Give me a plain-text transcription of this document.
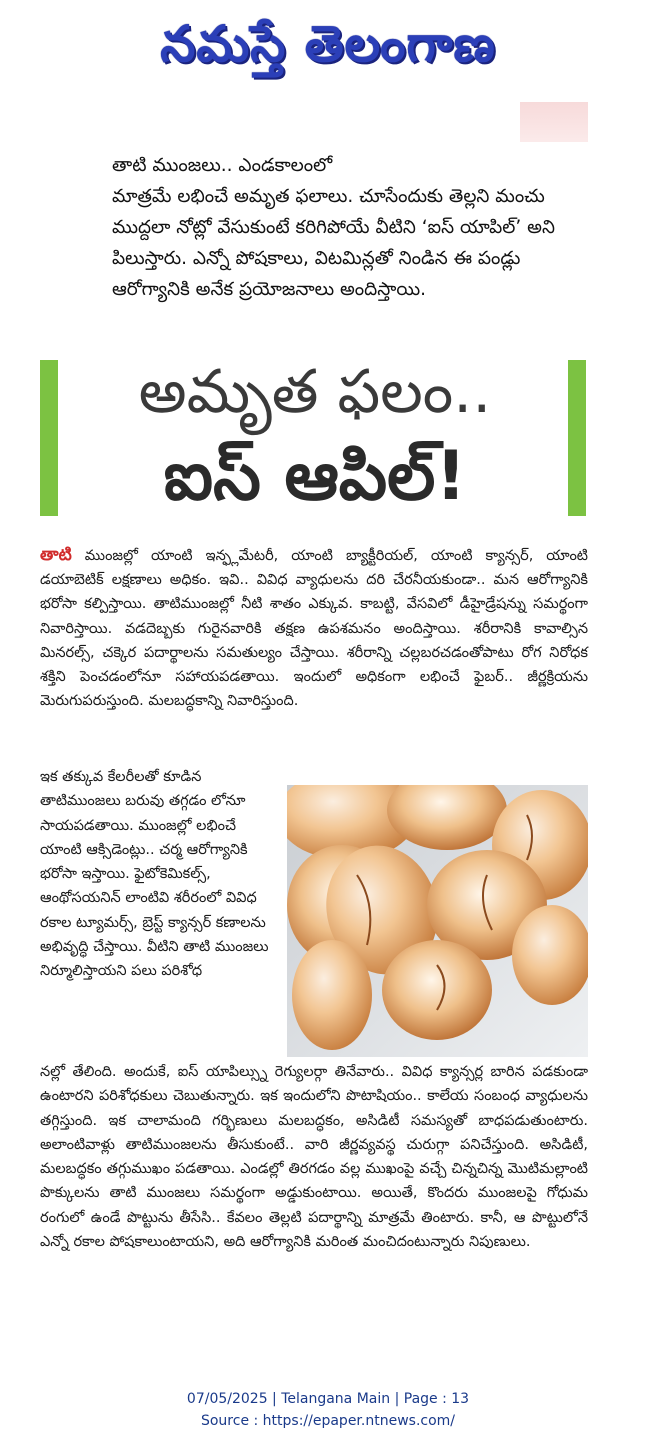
నమస్తే తెలంగాణ

తాటి ముంజలు.. ఎండకాలంలో

మాత్రమే లభించే అమృత ఫలాలు. చూసేందుకు తెల్లని మంచు ముద్దలా నోట్లో వేసుకుంటే కరిగిపోయే వీటిని ‘ఐస్ యాపిల్’ అని పిలుస్తారు. ఎన్నో పోషకాలు, విటమిన్లతో నిండిన ఈ పండ్లు ఆరోగ్యానికి అనేక ప్రయోజనాలు అందిస్తాయి.

అమృత ఫలం..
ఐస్ ఆపిల్!
తాటి ముంజల్లో యాంటి ఇన్ఫ్లమేటరీ, యాంటి బ్యాక్టీరియల్, యాంటి క్యాన్సర్, యాంటి డయాబెటిక్ లక్షణాలు అధికం. ఇవి.. వివిధ వ్యాధులను దరి చేరనీయకుండా.. మన ఆరోగ్యానికి భరోసా కల్పిస్తాయి. తాటిముంజల్లో నీటి శాతం ఎక్కువ. కాబట్టి, వేసవిలో డీహైడ్రేషన్ను సమర్థంగా నివారిస్తాయి. వడదెబ్బకు గురైనవారికి తక్షణ ఉపశమనం అందిస్తాయి. శరీరానికి కావాల్సిన మినరల్స్, చక్కెర పదార్థాలను సమతుల్యం చేస్తాయి. శరీరాన్ని చల్లబరచడంతోపాటు రోగ నిరోధక శక్తిని పెంచడంలోనూ సహాయపడతాయి. ఇందులో అధికంగా లభించే ఫైబర్.. జీర్ణక్రియను మెరుగుపరుస్తుంది. మలబద్ధకాన్ని నివారిస్తుంది.
ఇక తక్కువ కేలరీలతో కూడిన తాటిముంజలు బరువు తగ్గడం లోనూ సాయపడతాయి. ముంజల్లో లభించే యాంటి ఆక్సిడెంట్లు.. చర్మ ఆరోగ్యానికి భరోసా ఇస్తాయి. ఫైటోకెమికల్స్, ఆంథోసయనిన్ లాంటివి శరీరంలో వివిధ రకాల ట్యూమర్స్, బ్రెస్ట్ క్యాన్సర్ కణాలను అభివృద్ధి చేస్తాయి. వీటిని తాటి ముంజలు నిర్మూలిస్తాయని పలు పరిశోధ
నల్లో తేలింది. అందుకే, ఐస్ యాపిల్స్ను రెగ్యులర్గా తినేవారు.. వివిధ క్యాన్సర్ల బారిన పడకుండా ఉంటారని పరిశోధకులు చెబుతున్నారు. ఇక ఇందులోని పొటాషియం.. కాలేయ సంబంధ వ్యాధులను తగ్గిస్తుంది. ఇక చాలామంది గర్భిణులు మలబద్ధకం, అసిడిటీ సమస్యతో బాధపడుతుంటారు. అలాంటివాళ్లు తాటిముంజలను తీసుకుంటే.. వారి జీర్ణవ్యవస్థ చురుగ్గా పనిచేస్తుంది. అసిడిటీ, మలబద్ధకం తగ్గుముఖం పడతాయి. ఎండల్లో తిరగడం వల్ల ముఖంపై వచ్చే చిన్నచిన్న మొటిమల్లాంటి పొక్కులను తాటి ముంజలు సమర్థంగా అడ్డుకుంటాయి. అయితే, కొందరు ముంజలపై గోధుమ రంగులో ఉండే పొట్టును తీసేసి.. కేవలం తెల్లటి పదార్థాన్ని మాత్రమే తింటారు. కానీ, ఆ పొట్టులోనే ఎన్నో రకాల పోషకాలుంటాయని, అది ఆరోగ్యానికి మరింత మంచిదంటున్నారు నిపుణులు.
07/05/2025 | Telangana Main | Page : 13
Source : https://epaper.ntnews.com/
